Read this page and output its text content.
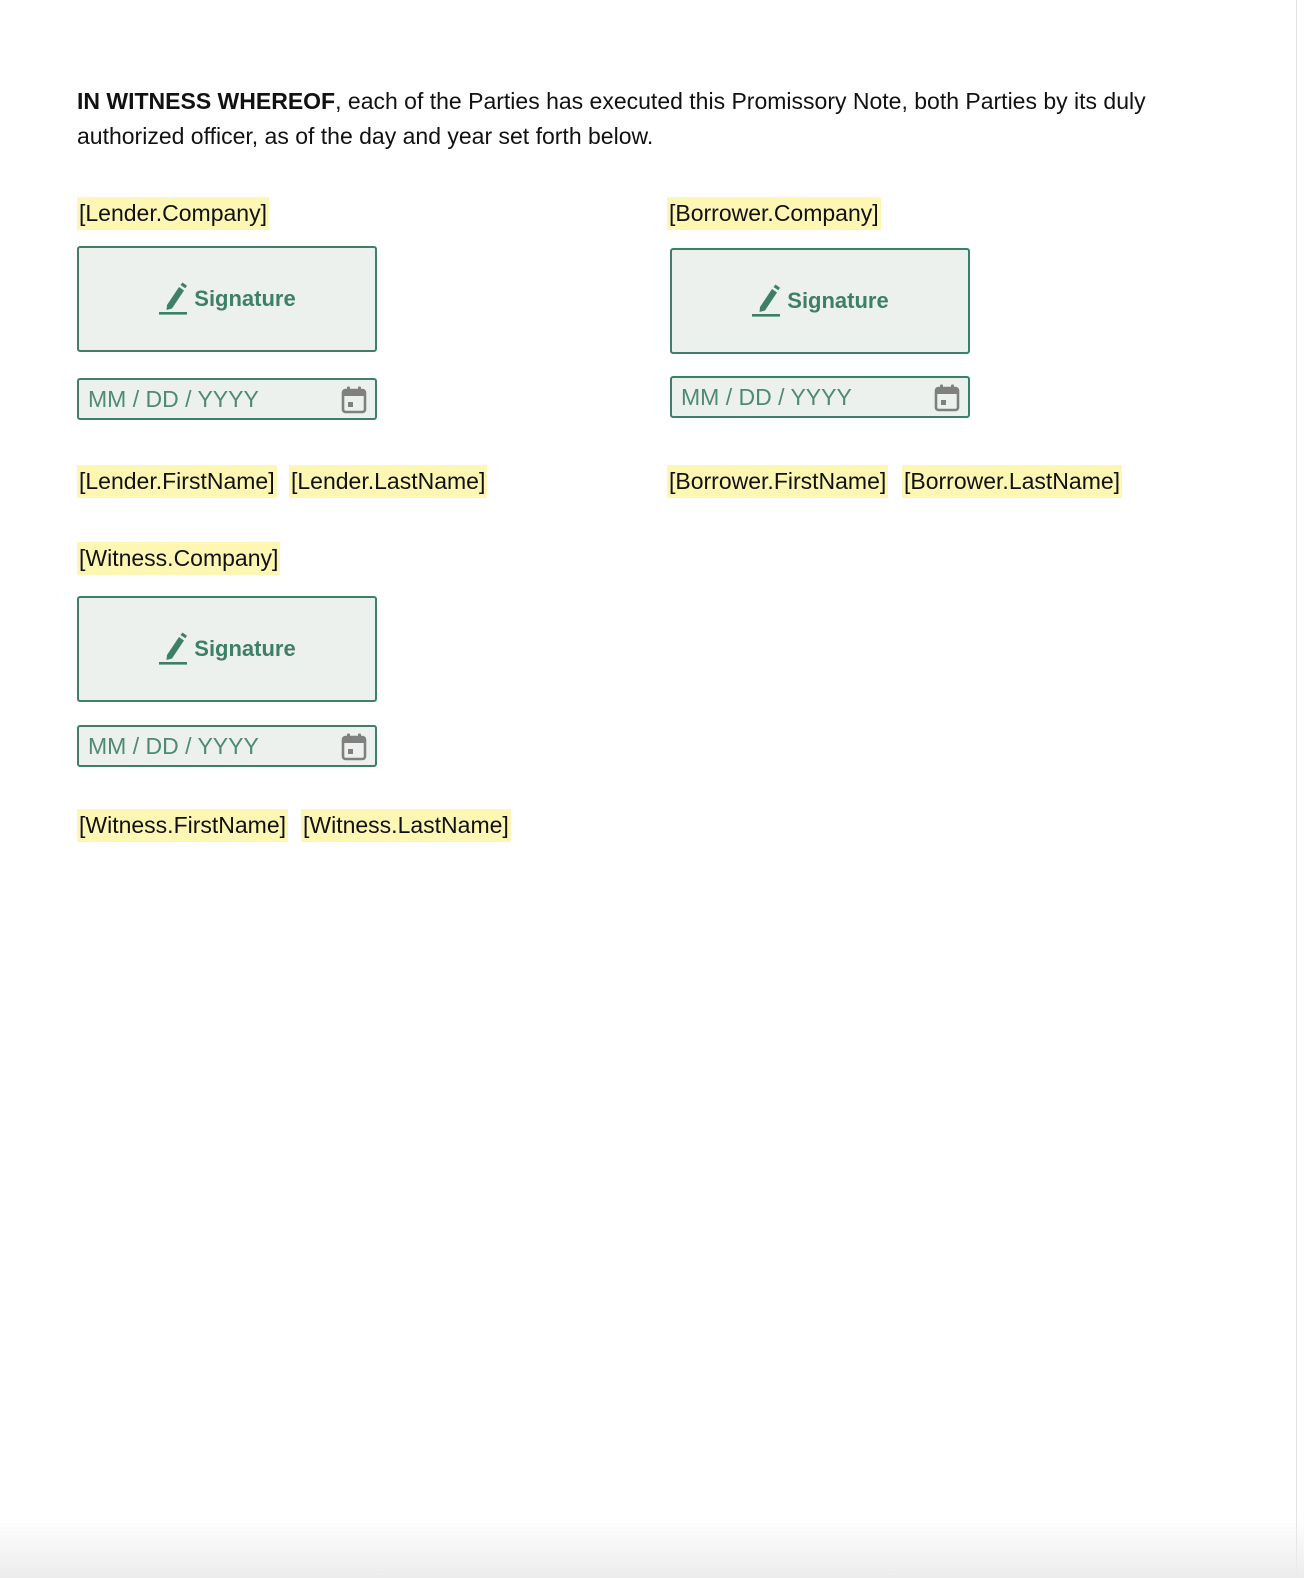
IN WITNESS WHEREOF, each of the Parties has executed this Promissory Note, both Parties by its duly authorized officer, as of the day and year set forth below.

[Lender.Company]
Signature
MM / DD / YYYY
[Lender.FirstName] [Lender.LastName]
[Borrower.Company]
Signature
MM / DD / YYYY
[Borrower.FirstName] [Borrower.LastName]
[Witness.Company]
Signature
MM / DD / YYYY
[Witness.FirstName] [Witness.LastName]
